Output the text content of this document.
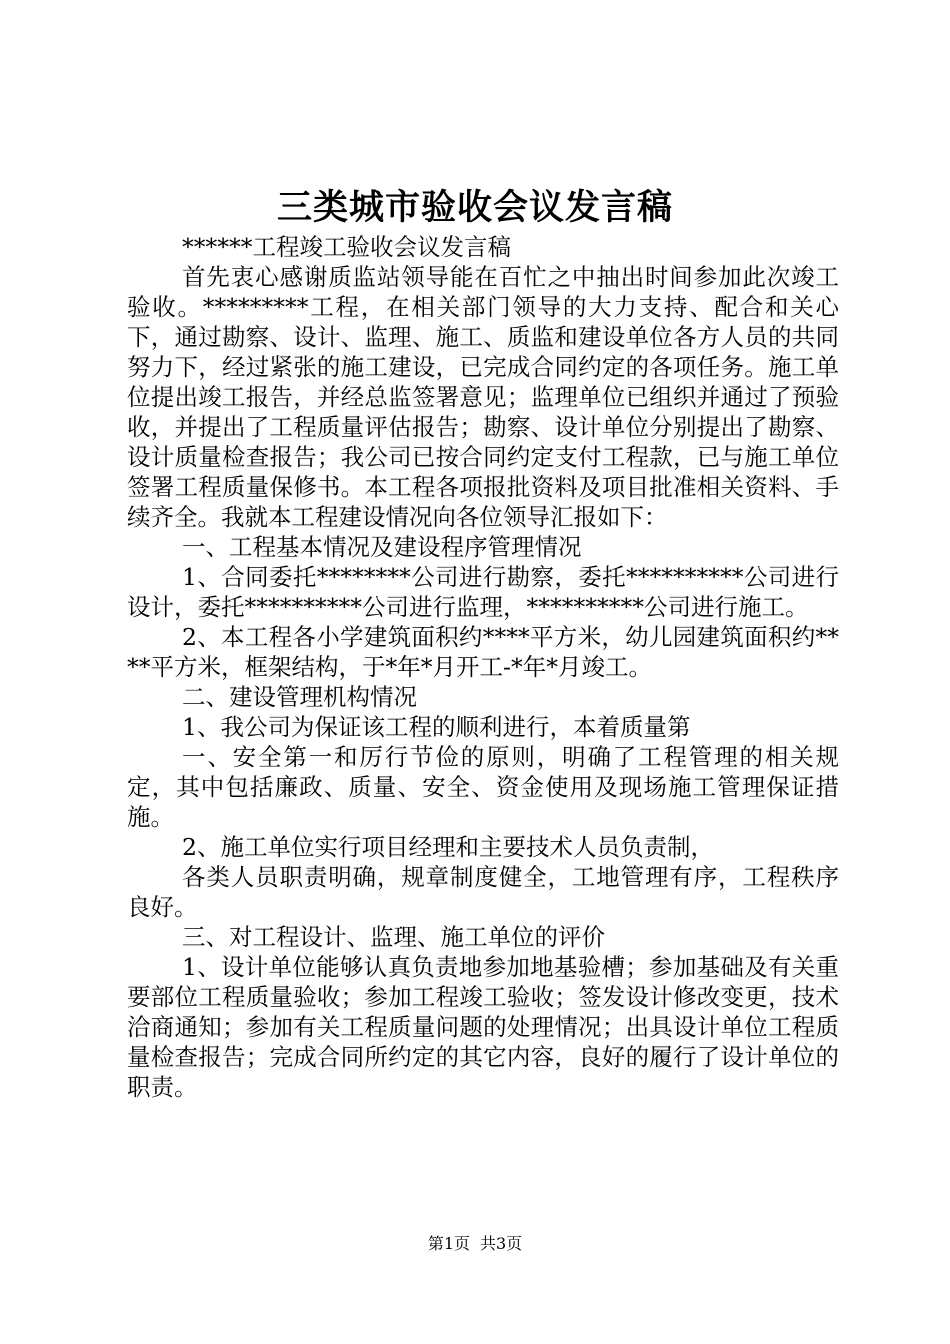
三类城市验收会议发言稿

******工程竣工验收会议发言稿

首先衷心感谢质监站领导能在百忙之中抽出时间参加此次竣工验收。*********工程，在相关部门领导的大力支持、配合和关心下，通过勘察、设计、监理、施工、质监和建设单位各方人员的共同努力下，经过紧张的施工建设，已完成合同约定的各项任务。施工单位提出竣工报告，并经总监签署意见；监理单位已组织并通过了预验收，并提出了工程质量评估报告；勘察、设计单位分别提出了勘察、设计质量检查报告；我公司已按合同约定支付工程款，已与施工单位签署工程质量保修书。本工程各项报批资料及项目批准相关资料、手续齐全。我就本工程建设情况向各位领导汇报如下：

一、工程基本情况及建设程序管理情况

1、合同委托********公司进行勘察，委托**********公司进行设计，委托**********公司进行监理，**********公司进行施工。

2、本工程各小学建筑面积约****平方米，幼儿园建筑面积约****平方米，框架结构，于*年*月开工-*年*月竣工。

二、建设管理机构情况

1、我公司为保证该工程的顺利进行，本着质量第

一、安全第一和厉行节俭的原则，明确了工程管理的相关规定，其中包括廉政、质量、安全、资金使用及现场施工管理保证措施。

2、施工单位实行项目经理和主要技术人员负责制，

各类人员职责明确，规章制度健全，工地管理有序，工程秩序良好。

三、对工程设计、监理、施工单位的评价

1、设计单位能够认真负责地参加地基验槽；参加基础及有关重要部位工程质量验收；参加工程竣工验收；签发设计修改变更，技术洽商通知；参加有关工程质量问题的处理情况；出具设计单位工程质量检查报告；完成合同所约定的其它内容，良好的履行了设计单位的职责。

第1页 共3页
